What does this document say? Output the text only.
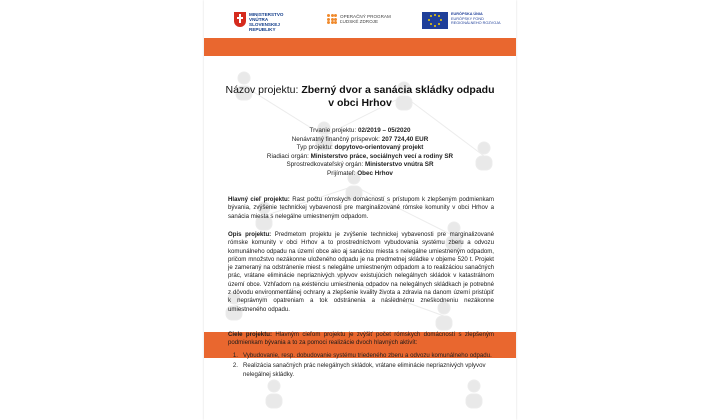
MINISTERSTVO
VNÚTRA
SLOVENSKEJ REPUBLIKY
OPERAČNÝ PROGRAM
ĽUDSKÉ ZDROJE
EURÓPSKA ÚNIA
EURÓPSKY FOND
REGIONÁLNEHO ROZVOJA
Názov projektu: Zberný dvor a sanácia skládky odpadu
v obci Hrhov
Trvanie projektu: 02/2019 – 05/2020
Nenávratný finančný príspevok: 207 724,40 EUR
Typ projektu: dopytovo-orientovaný projekt
Riadiaci orgán: Ministerstvo práce, sociálnych vecí a rodiny SR
Sprostredkovateľský orgán: Ministerstvo vnútra SR
Prijímateľ: Obec Hrhov
Hlavný cieľ projektu: Rast počtu rómskych domácností s prístupom k zlepšeným podmienkam bývania, zvýšenie technickej vybavenosti pre marginalizované rómske komunity v obci Hrhov a sanácia miesta s nelegálne umiestneným odpadom.
Opis projektu: Predmetom projektu je zvýšenie technickej vybavenosti pre marginalizované rómske komunity v obci Hrhov a to prostredníctvom vybudovania systému zberu a odvozu komunálneho odpadu na území obce ako aj sanáciou miesta s nelegálne umiestneným odpadom, pričom množstvo nezákonne uloženého odpadu je na predmetnej skládke v objeme 520 t. Projekt je zameraný na odstránenie miest s nelegálne umiestneným odpadom a to realizáciou sanačných prác, vrátane eliminácie nepriaznivých vplyvov existujúcich nelegálnych skládok v katastrálnom území obce. Vzhľadom na existenciu umiestnenia odpadov na nelegálnych skládkach je potrebné z dôvodu environmentálnej ochrany a zlepšenie kvality života a zdravia na danom území pristúpiť k neprávnym opatreniam a tok odstránenia a následnému zneškodneniu nezákonne umiestneného odpadu.
Ciele projektu: Hlavným cieľom projektu je zvýšiť počet rómskych domácností s zlepšeným podmienkam bývania a to za pomoci realizácie dvoch hlavných aktivít:
1. Vybudovanie, resp. dobudovanie systému triedeného zberu a odvozu komunálneho odpadu.
2. Realizácia sanačných prác nelegálnych skládok, vrátane eliminácie nepriaznivých vplyvov nelegálnej skládky.
